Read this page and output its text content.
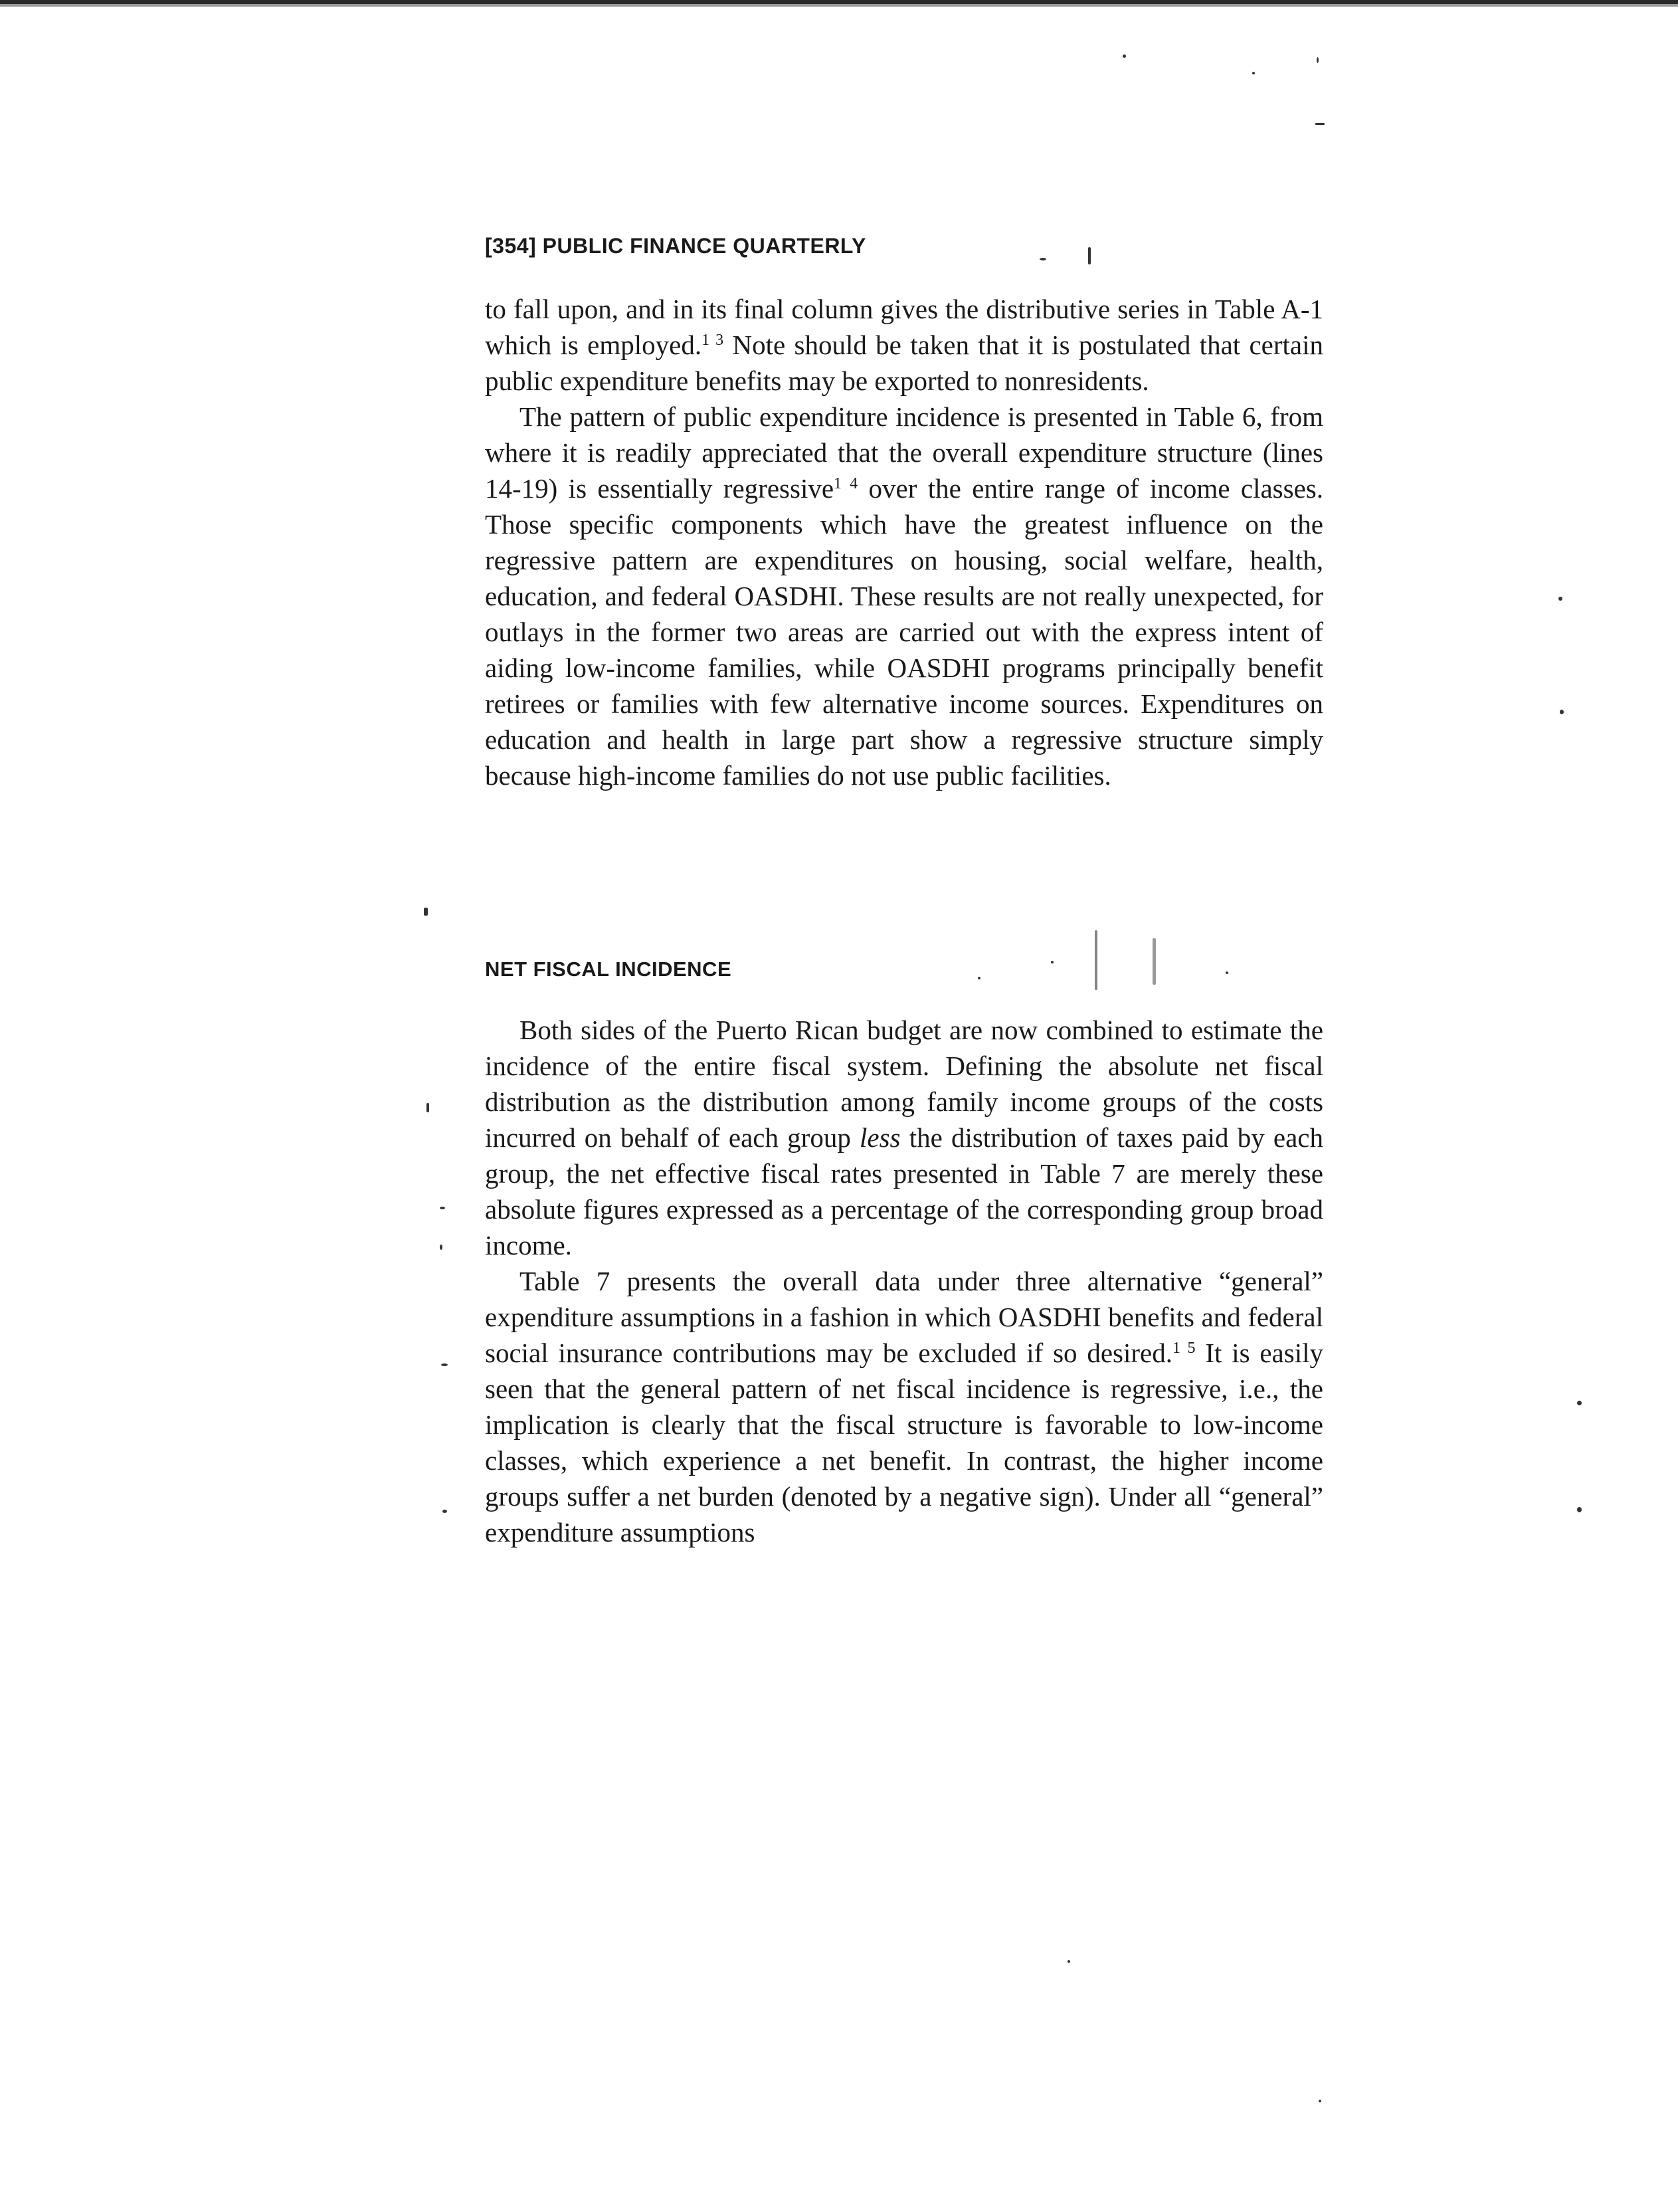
[354] PUBLIC FINANCE QUARTERLY

to fall upon, and in its final column gives the distributive series in Table A-1 which is employed.$^{1 3}$ Note should be taken that it is postulated that certain public expenditure benefits may be exported to nonresidents.

The pattern of public expenditure incidence is presented in Table 6, from where it is readily appreciated that the overall expenditure structure (lines 14-19) is essentially regressive$^{1 4}$ over the entire range of income classes. Those specific components which have the greatest influence on the regressive pattern are expenditures on housing, social welfare, health, education, and federal OASDHI. These results are not really unexpected, for outlays in the former two areas are carried out with the express intent of aiding low-income families, while OASDHI programs principally benefit retirees or families with few alternative income sources. Expenditures on education and health in large part show a regressive structure simply because high-income families do not use public facilities.

NET FISCAL INCIDENCE

Both sides of the Puerto Rican budget are now combined to estimate the incidence of the entire fiscal system. Defining the absolute net fiscal distribution as the distribution among family income groups of the costs incurred on behalf of each group less the distribution of taxes paid by each group, the net effective fiscal rates presented in Table 7 are merely these absolute figures expressed as a percentage of the corresponding group broad income.

Table 7 presents the overall data under three alternative “general” expenditure assumptions in a fashion in which OASDHI benefits and federal social insurance contributions may be excluded if so desired.$^{1 5}$ It is easily seen that the general pattern of net fiscal incidence is regressive, i.e., the implication is clearly that the fiscal structure is favorable to low-income classes, which experience a net benefit. In contrast, the higher income groups suffer a net burden (denoted by a negative sign). Under all “general” expenditure assumptions
